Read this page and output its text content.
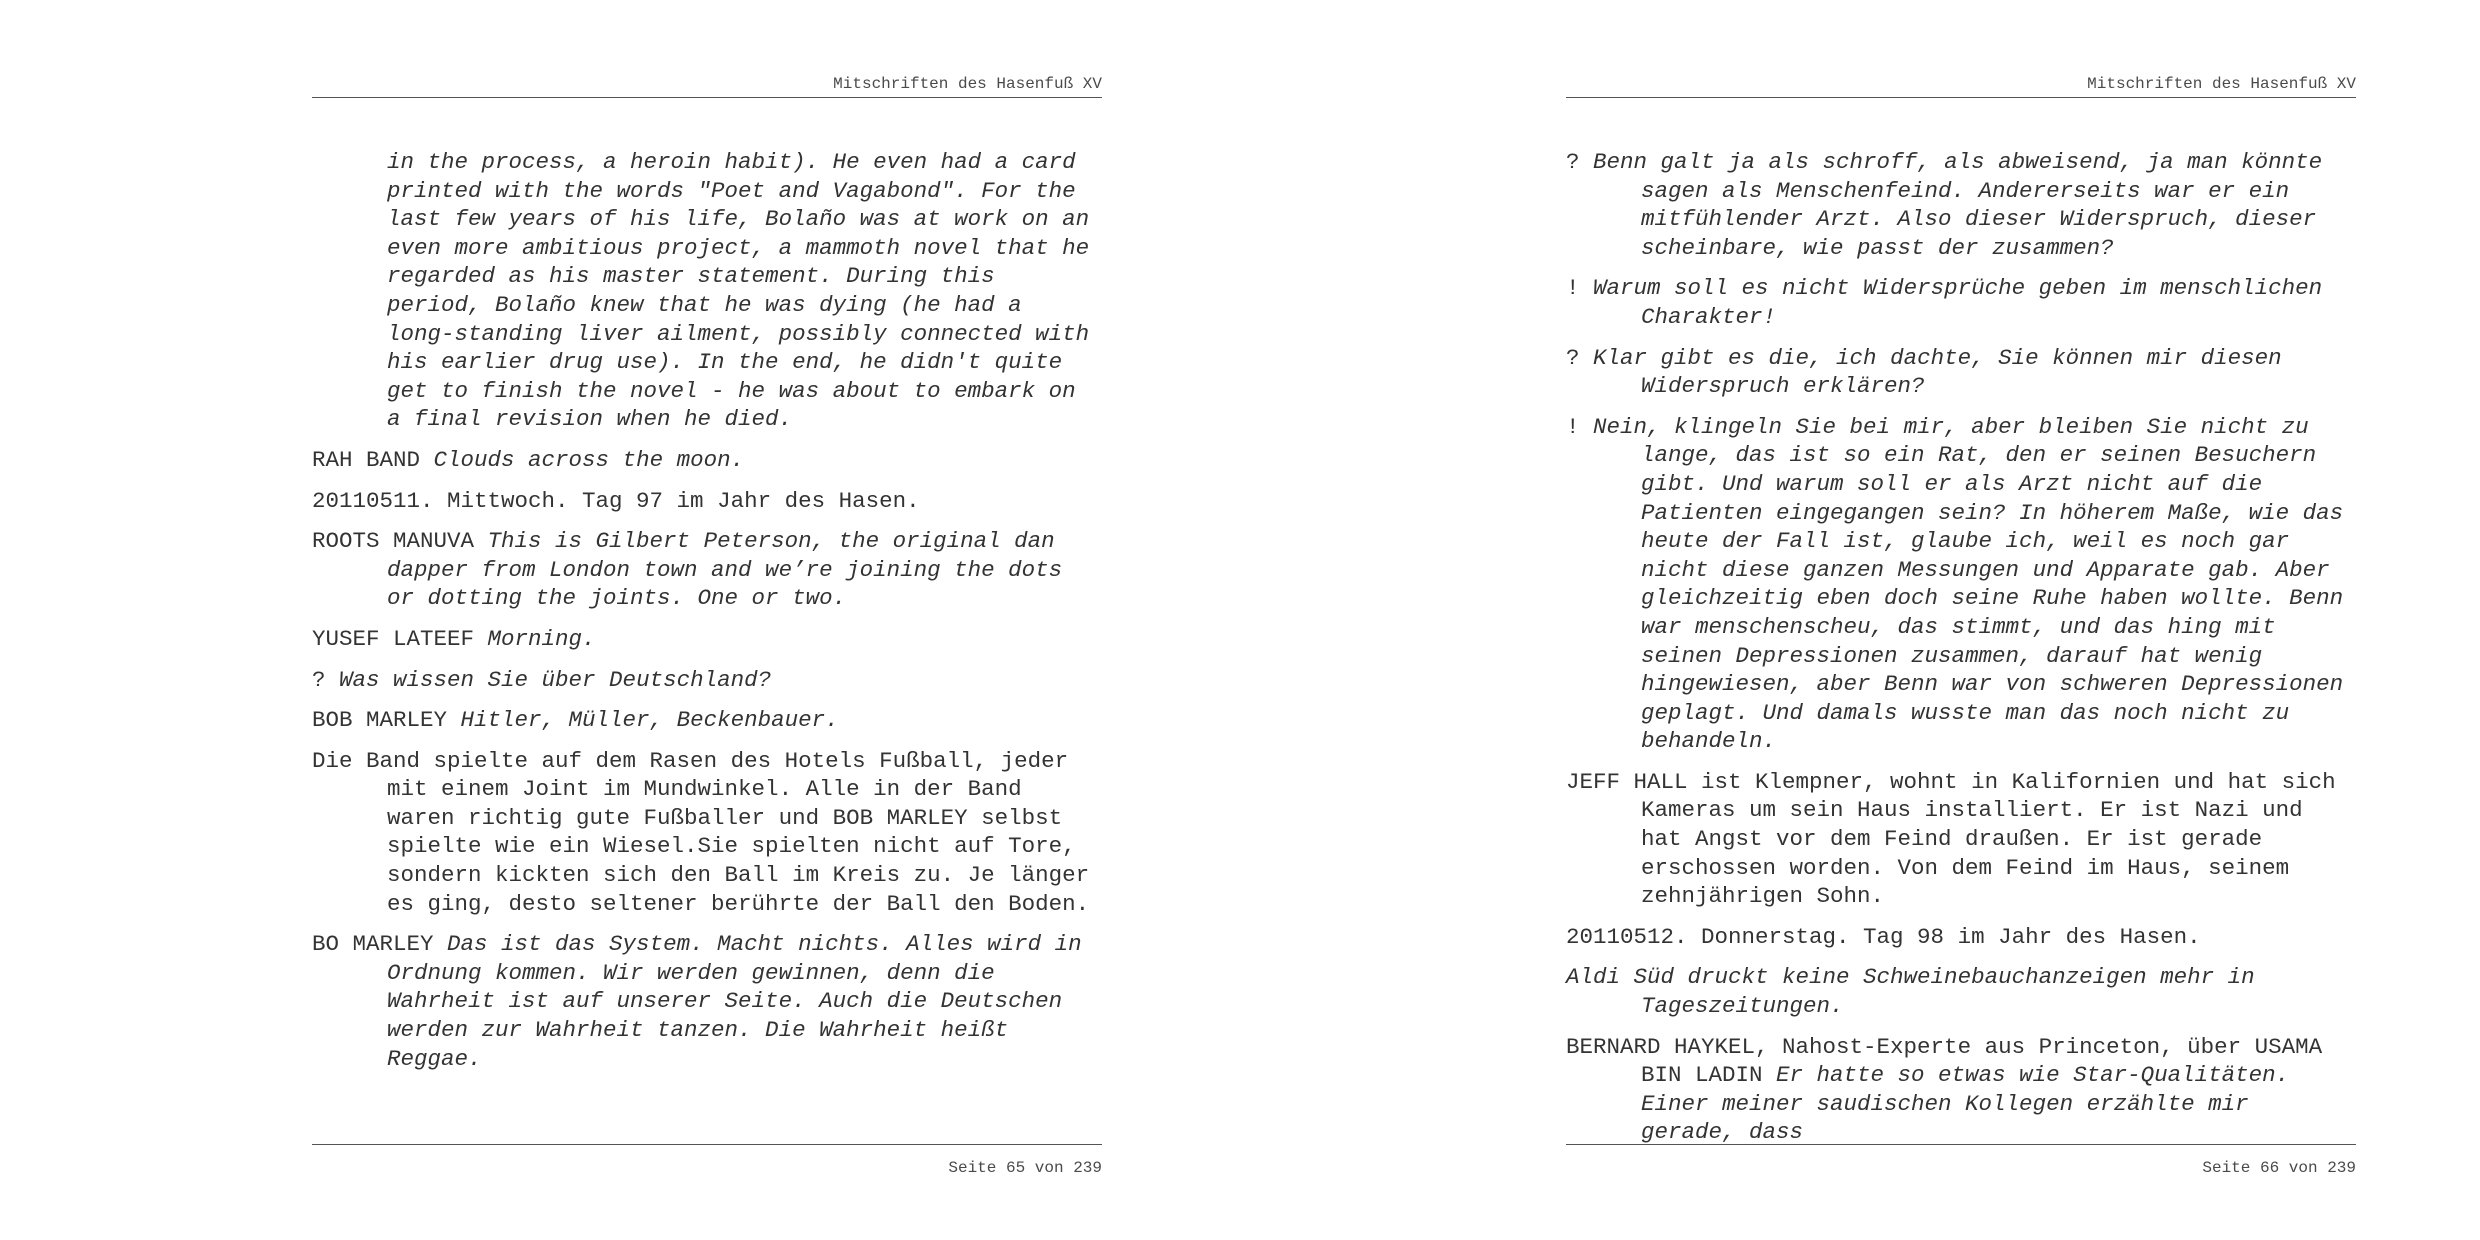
Mitschriften des Hasenfuß XV

in the process, a heroin habit). He even had a card printed with the words "Poet and Vagabond". For the last few years of his life, Bolaño was at work on an even more ambitious project, a mammoth novel that he regarded as his master statement. During this period, Bolaño knew that he was dying (he had a long-standing liver ailment, possibly connected with his earlier drug use). In the end, he didn't quite get to finish the novel - he was about to embark on a final revision when he died.

RAH BAND Clouds across the moon.

20110511. Mittwoch. Tag 97 im Jahr des Hasen.

ROOTS MANUVA This is Gilbert Peterson, the original dan dapper from London town and we’re joining the dots or dotting the joints. One or two.

YUSEF LATEEF Morning.

? Was wissen Sie über Deutschland?

BOB MARLEY Hitler, Müller, Beckenbauer.

Die Band spielte auf dem Rasen des Hotels Fußball, jeder mit einem Joint im Mundwinkel. Alle in der Band waren richtig gute Fußballer und BOB MARLEY selbst spielte wie ein Wiesel.Sie spielten nicht auf Tore, sondern kickten sich den Ball im Kreis zu. Je länger es ging, desto seltener berührte der Ball den Boden.

BO MARLEY Das ist das System. Macht nichts. Alles wird in Ordnung kommen. Wir werden gewinnen, denn die Wahrheit ist auf unserer Seite. Auch die Deutschen werden zur Wahrheit tanzen. Die Wahrheit heißt Reggae.

Seite 65 von 239
Mitschriften des Hasenfuß XV

? Benn galt ja als schroff, als abweisend, ja man könnte sagen als Menschenfeind. Andererseits war er ein mitfühlender Arzt. Also dieser Widerspruch, dieser scheinbare, wie passt der zusammen?

! Warum soll es nicht Widersprüche geben im menschlichen Charakter!

? Klar gibt es die, ich dachte, Sie können mir diesen Widerspruch erklären?

! Nein, klingeln Sie bei mir, aber bleiben Sie nicht zu lange, das ist so ein Rat, den er seinen Besuchern gibt. Und warum soll er als Arzt nicht auf die Patienten eingegangen sein? In höherem Maße, wie das heute der Fall ist, glaube ich, weil es noch gar nicht diese ganzen Messungen und Apparate gab. Aber gleichzeitig eben doch seine Ruhe haben wollte. Benn war menschenscheu, das stimmt, und das hing mit seinen Depressionen zusammen, darauf hat wenig hingewiesen, aber Benn war von schweren Depressionen geplagt. Und damals wusste man das noch nicht zu behandeln.

JEFF HALL ist Klempner, wohnt in Kalifornien und hat sich Kameras um sein Haus installiert. Er ist Nazi und hat Angst vor dem Feind draußen. Er ist gerade erschossen worden. Von dem Feind im Haus, seinem zehnjährigen Sohn.

20110512. Donnerstag. Tag 98 im Jahr des Hasen.

Aldi Süd druckt keine Schweinebauchanzeigen mehr in Tageszeitungen.

BERNARD HAYKEL, Nahost-Experte aus Princeton, über USAMA BIN LADIN Er hatte so etwas wie Star-Qualitäten. Einer meiner saudischen Kollegen erzählte mir gerade, dass

Seite 66 von 239
